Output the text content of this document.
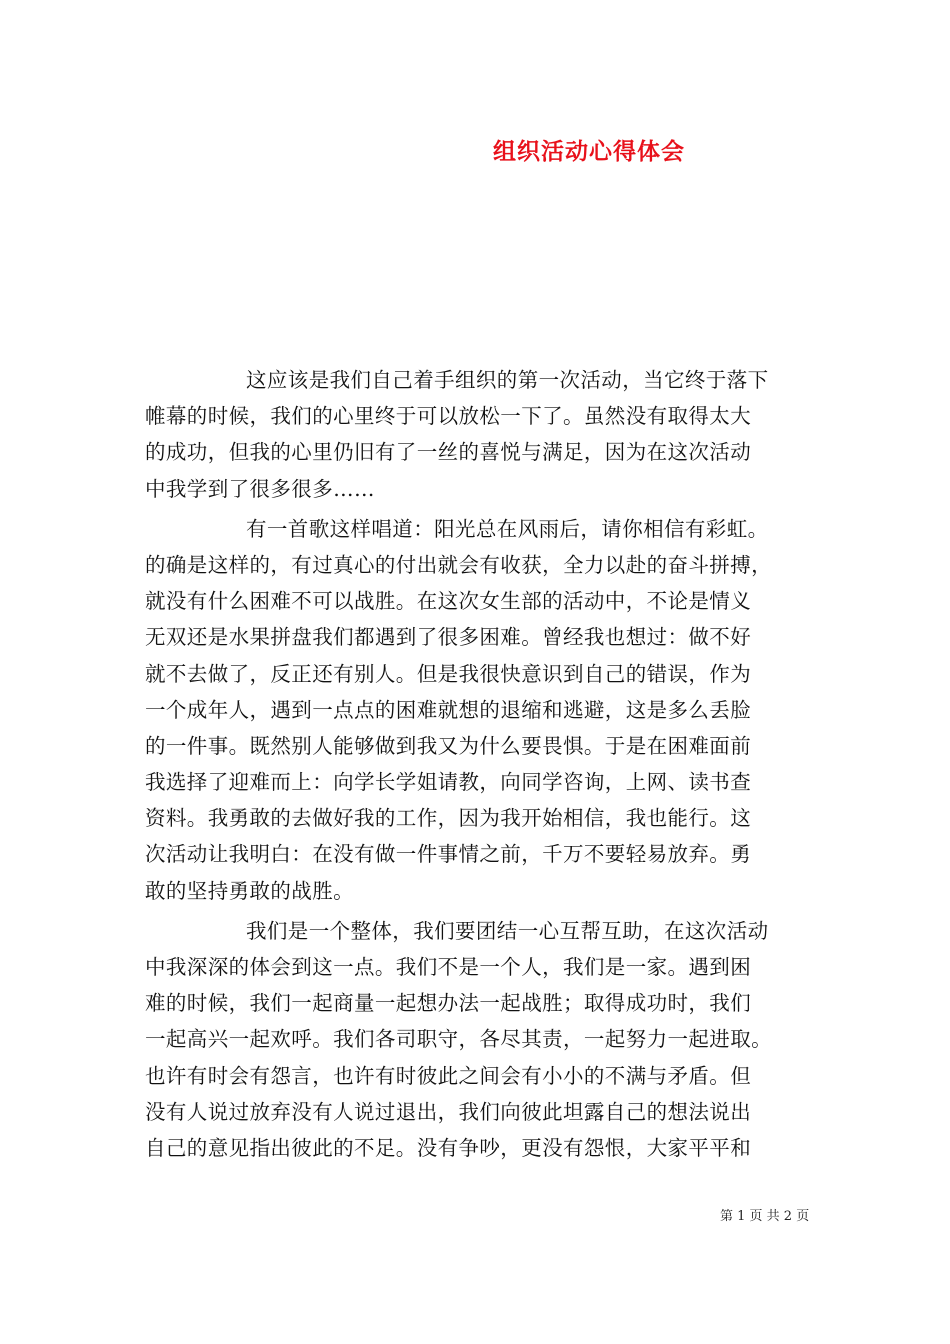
组织活动心得体会
这应该是我们自己着手组织的第一次活动，当它终于落下
帷幕的时候，我们的心里终于可以放松一下了。虽然没有取得太大
的成功，但我的心里仍旧有了一丝的喜悦与满足，因为在这次活动
中我学到了很多很多……
有一首歌这样唱道：阳光总在风雨后，请你相信有彩虹。
的确是这样的，有过真心的付出就会有收获，全力以赴的奋斗拼搏，
就没有什么困难不可以战胜。在这次女生部的活动中，不论是情义
无双还是水果拼盘我们都遇到了很多困难。曾经我也想过：做不好
就不去做了，反正还有别人。但是我很快意识到自己的错误，作为
一个成年人，遇到一点点的困难就想的退缩和逃避，这是多么丢脸
的一件事。既然别人能够做到我又为什么要畏惧。于是在困难面前
我选择了迎难而上：向学长学姐请教，向同学咨询，上网、读书查
资料。我勇敢的去做好我的工作，因为我开始相信，我也能行。这
次活动让我明白：在没有做一件事情之前，千万不要轻易放弃。勇
敢的坚持勇敢的战胜。
我们是一个整体，我们要团结一心互帮互助，在这次活动
中我深深的体会到这一点。我们不是一个人，我们是一家。遇到困
难的时候，我们一起商量一起想办法一起战胜；取得成功时，我们
一起高兴一起欢呼。我们各司职守，各尽其责，一起努力一起进取。
也许有时会有怨言，也许有时彼此之间会有小小的不满与矛盾。但
没有人说过放弃没有人说过退出，我们向彼此坦露自己的想法说出
自己的意见指出彼此的不足。没有争吵，更没有怨恨，大家平平和
第 1 页 共 2 页
